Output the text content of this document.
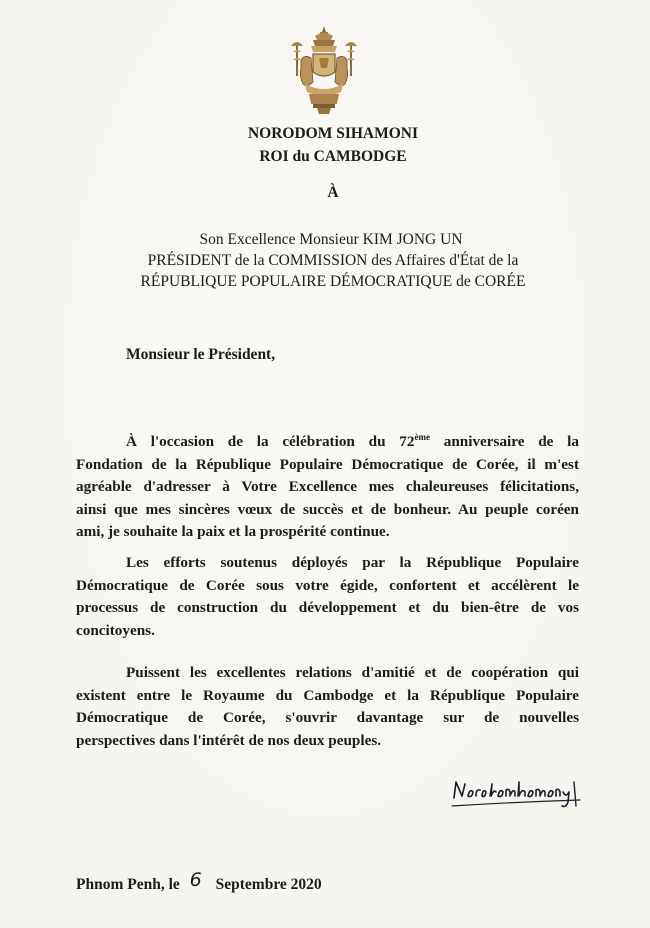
NORODOM SIHAMONI
ROI du CAMBODGE
À
Son Excellence Monsieur KIM JONG UN
PRÉSIDENT de la COMMISSION des Affaires d'État de la
RÉPUBLIQUE POPULAIRE DÉMOCRATIQUE de CORÉE
Monsieur le Président,
À l'occasion de la célébration du 72ème anniversaire de la
Fondation de la République Populaire Démocratique de Corée, il m'est
agréable d'adresser à Votre Excellence mes chaleureuses félicitations,
ainsi que mes sincères vœux de succès et de bonheur. Au peuple coréen
ami, je souhaite la paix et la prospérité continue.
Les efforts soutenus déployés par la République Populaire
Démocratique de Corée sous votre égide, confortent et accélèrent le
processus de construction du développement et du bien-être de vos
concitoyens.
Puissent les excellentes relations d'amitié et de coopération qui
existent entre le Royaume du Cambodge et la République Populaire
Démocratique de Corée, s'ouvrir davantage sur de nouvelles
perspectives dans l'intérêt de nos deux peuples.
Phnom Penh, le 6 Septembre 2020
